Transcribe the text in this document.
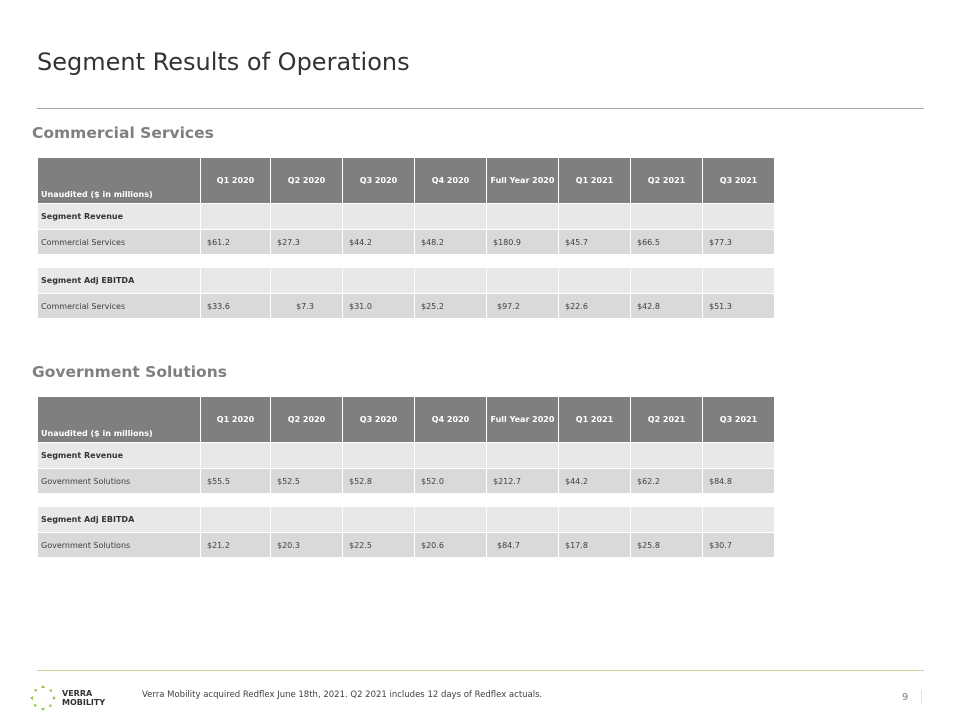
Segment Results of Operations
Commercial Services
Unaudited ($ in millions)	Q1 2020	Q2 2020	Q3 2020	Q4 2020	Full Year 2020	Q1 2021	Q2 2021	Q3 2021
Segment Revenue								
Commercial Services	$61.2	$27.3	$44.2	$48.2	$180.9	$45.7	$66.5	$77.3

Segment Adj EBITDA								
Commercial Services	$33.6	$7.3	$31.0	$25.2	$97.2	$22.6	$42.8	$51.3
Government Solutions
Unaudited ($ in millions)	Q1 2020	Q2 2020	Q3 2020	Q4 2020	Full Year 2020	Q1 2021	Q2 2021	Q3 2021
Segment Revenue								
Government Solutions	$55.5	$52.5	$52.8	$52.0	$212.7	$44.2	$62.2	$84.8

Segment Adj EBITDA								
Government Solutions	$21.2	$20.3	$22.5	$20.6	$84.7	$17.8	$25.8	$30.7
VERRA
MOBILITY
Verra Mobility acquired Redflex June 18th, 2021. Q2 2021 includes 12 days of Redflex actuals.	9
